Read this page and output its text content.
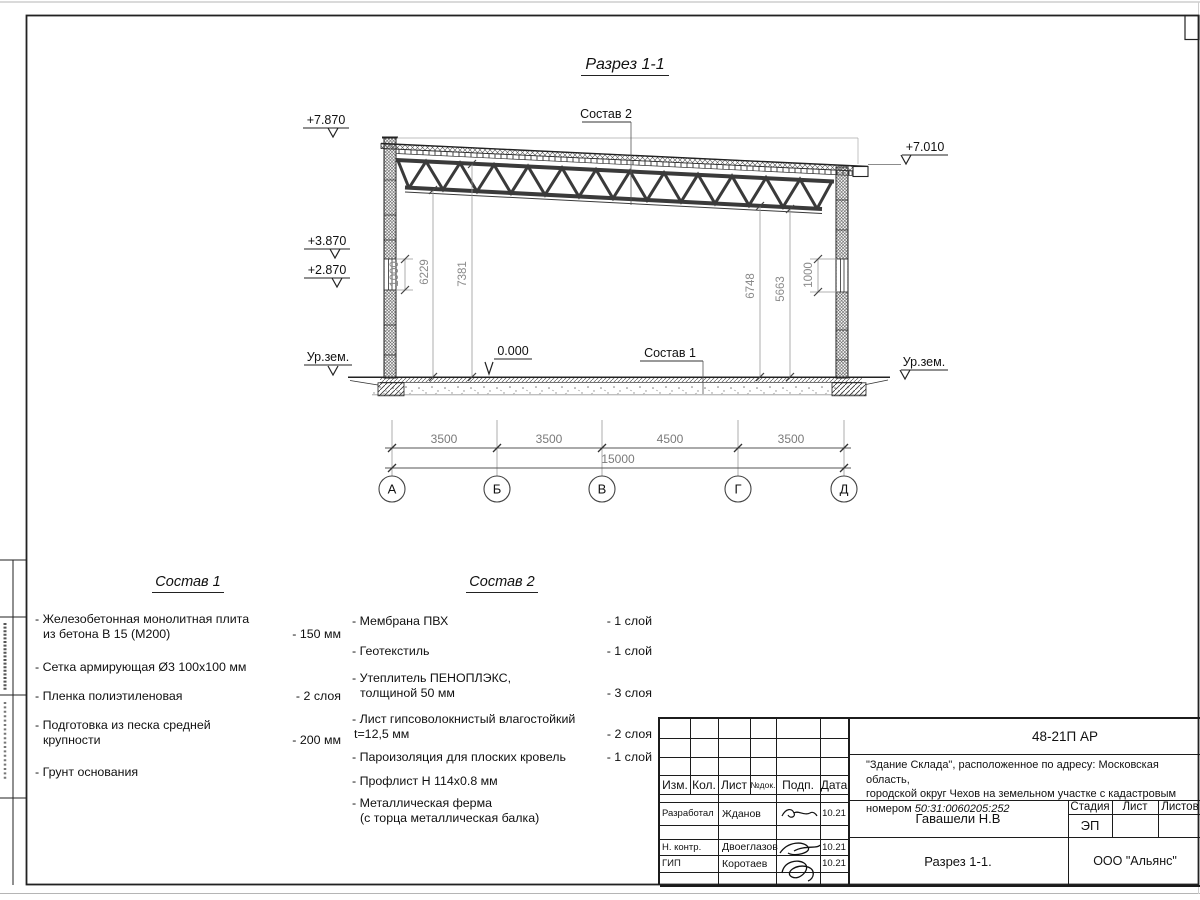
Состав 2
Состав 1
+7.870
+3.870
+2.870
Ур.зем.	0.000
+7.010
Ур.зем.
1000 6229 7381	6748 5663
1000
3500	3500	4500	3500
15000
А	Б	В	Г	Д
Разрез 1-1
Состав 1
- Железобетонная монолитная плита
из бетона В 15 (М200)	- 150 мм
- Сетка армирующая Ø3 100х100 мм
- Пленка полиэтиленовая	- 2 слоя
- Подготовка из песка средней
крупности	- 200 мм
- Грунт основания
Состав 2
- Мембрана ПВХ	- 1 слой
- Геотекстиль	- 1 слой
- Утеплитель ПЕНОПЛЭКС,
толщиной 50 мм	- 3 слоя
- Лист гипсоволокнистый влагостойкий
t=12,5 мм	- 2 слоя
- Пароизоляция для плоских кровель	- 1 слой
- Профлист Н 114х0.8 мм
- Металлическая ферма
(с торца металлическая балка)
Изм. Кол. Лист №док. Подп. Дата
Разработал Жданов	10.21
Н. контр.	Двоеглазов	10.21
ГИП	Коротаев	10.21
48-21П АР
"Здание Склада", расположенное по адресу: Московская область,
городской округ Чехов на земельном участке с кадастровым
номером 50:31:0060205:252
Гавашели Н.В
Стадия	Лист	Листов
ЭП
Разрез 1-1.	ООО "Альянс"
